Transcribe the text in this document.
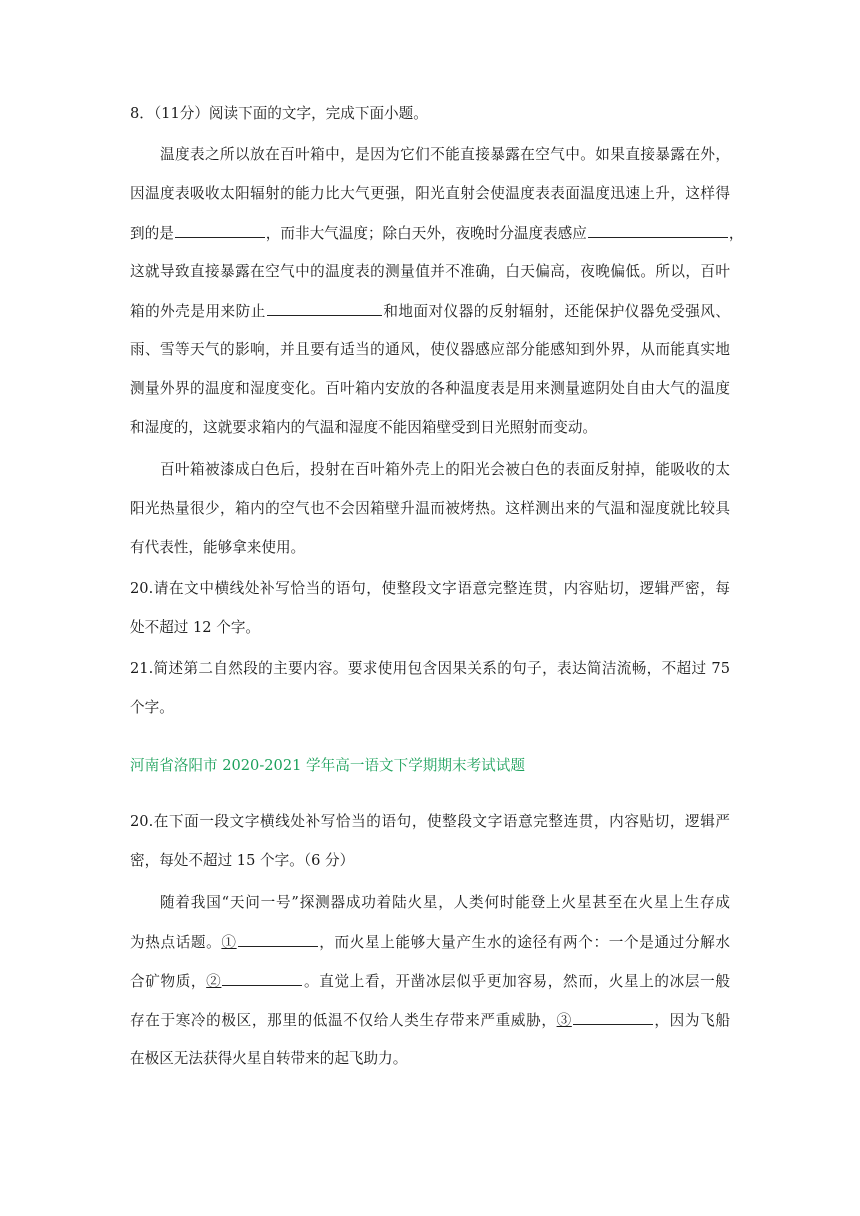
8．（11分）阅读下面的文字，完成下面小题。
温度表之所以放在百叶箱中，是因为它们不能直接暴露在空气中。如果直接暴露在外，
因温度表吸收太阳辐射的能力比大气更强，阳光直射会使温度表表面温度迅速上升，这样得
到的是	，而非大气温度；除白天外，夜晚时分温度表感应	，
这就导致直接暴露在空气中的温度表的测量值并不准确，白天偏高，夜晚偏低。所以，百叶
箱的外壳是用来防止	和地面对仪器的反射辐射，还能保护仪器免受强风、
雨、雪等天气的影响，并且要有适当的通风，使仪器感应部分能感知到外界，从而能真实地
测量外界的温度和湿度变化。百叶箱内安放的各种温度表是用来测量遮阴处自由大气的温度
和湿度的，这就要求箱内的气温和湿度不能因箱壁受到日光照射而变动。
百叶箱被漆成白色后，投射在百叶箱外壳上的阳光会被白色的表面反射掉，能吸收的太
阳光热量很少，箱内的空气也不会因箱壁升温而被烤热。这样测出来的气温和湿度就比较具
有代表性，能够拿来使用。
20.请在文中横线处补写恰当的语句，使整段文字语意完整连贯，内容贴切，逻辑严密，每
处不超过 12 个字。
21.简述第二自然段的主要内容。要求使用包含因果关系的句子，表达简洁流畅，不超过 75
个字。
河南省洛阳市 2020-2021 学年高一语文下学期期末考试试题
20.在下面一段文字横线处补写恰当的语句，使整段文字语意完整连贯，内容贴切，逻辑严
密，每处不超过 15 个字。（6 分）
随着我国“天问一号”探测器成功着陆火星，人类何时能登上火星甚至在火星上生存成
为热点话题。①	，而火星上能够大量产生水的途径有两个：一个是通过分解水
合矿物质，②	。直觉上看，开凿冰层似乎更加容易，然而，火星上的冰层一般
存在于寒冷的极区，那里的低温不仅给人类生存带来严重威胁，③	，因为飞船
在极区无法获得火星自转带来的起飞助力。
